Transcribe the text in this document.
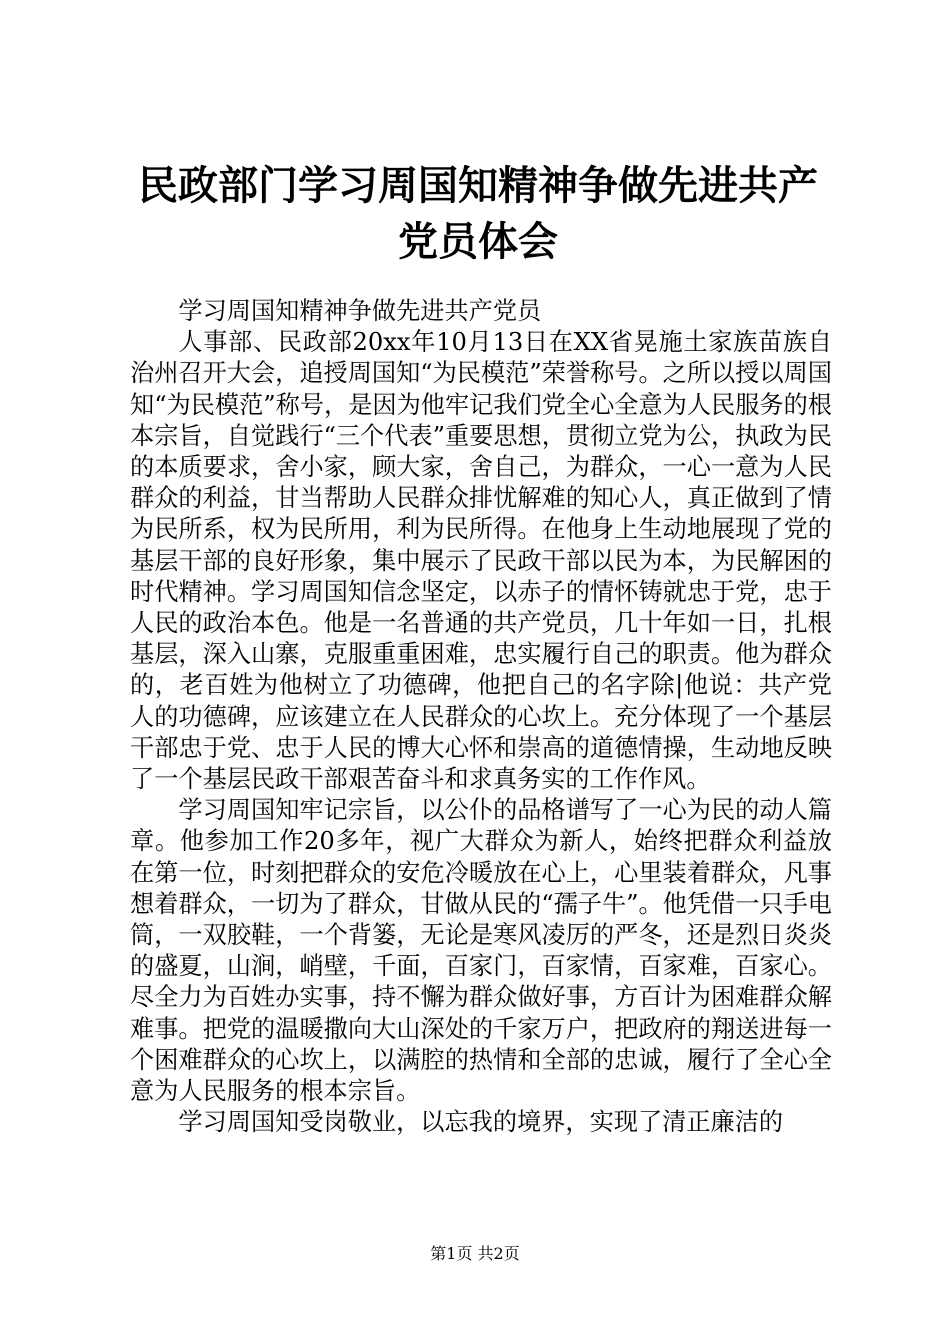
民政部门学习周国知精神争做先进共产党员体会

学习周国知精神争做先进共产党员

人事部、民政部20xx年10月13日在XX省晃施土家族苗族自治州召开大会，追授周国知“为民模范”荣誉称号。之所以授以周国知“为民模范”称号，是因为他牢记我们党全心全意为人民服务的根本宗旨，自觉践行“三个代表”重要思想，贯彻立党为公，执政为民的本质要求，舍小家，顾大家，舍自己，为群众，一心一意为人民群众的利益，甘当帮助人民群众排忧解难的知心人，真正做到了情为民所系，权为民所用，利为民所得。在他身上生动地展现了党的基层干部的良好形象，集中展示了民政干部以民为本，为民解困的时代精神。学习周国知信念坚定，以赤子的情怀铸就忠于党，忠于人民的政治本色。他是一名普通的共产党员，几十年如一日，扎根基层，深入山寨，克服重重困难，忠实履行自己的职责。他为群众的，老百姓为他树立了功德碑，他把自己的名字除|他说：共产党人的功德碑，应该建立在人民群众的心坎上。充分体现了一个基层干部忠于党、忠于人民的博大心怀和崇高的道德情操，生动地反映了一个基层民政干部艰苦奋斗和求真务实的工作作风。

学习周国知牢记宗旨，以公仆的品格谱写了一心为民的动人篇章。他参加工作20多年，视广大群众为新人，始终把群众利益放在第一位，时刻把群众的安危冷暖放在心上，心里装着群众，凡事想着群众，一切为了群众，甘做从民的“孺子牛”。他凭借一只手电筒，一双胶鞋，一个背篓，无论是寒风凌厉的严冬，还是烈日炎炎的盛夏，山涧，峭壁，千面，百家门，百家情，百家难，百家心。尽全力为百姓办实事，持不懈为群众做好事，方百计为困难群众解难事。把党的温暖撒向大山深处的千家万户，把政府的翔送进每一个困难群众的心坎上，以满腔的热情和全部的忠诚，履行了全心全意为人民服务的根本宗旨。

学习周国知受岗敬业，以忘我的境界，实现了清正廉洁的

第1页 共2页
